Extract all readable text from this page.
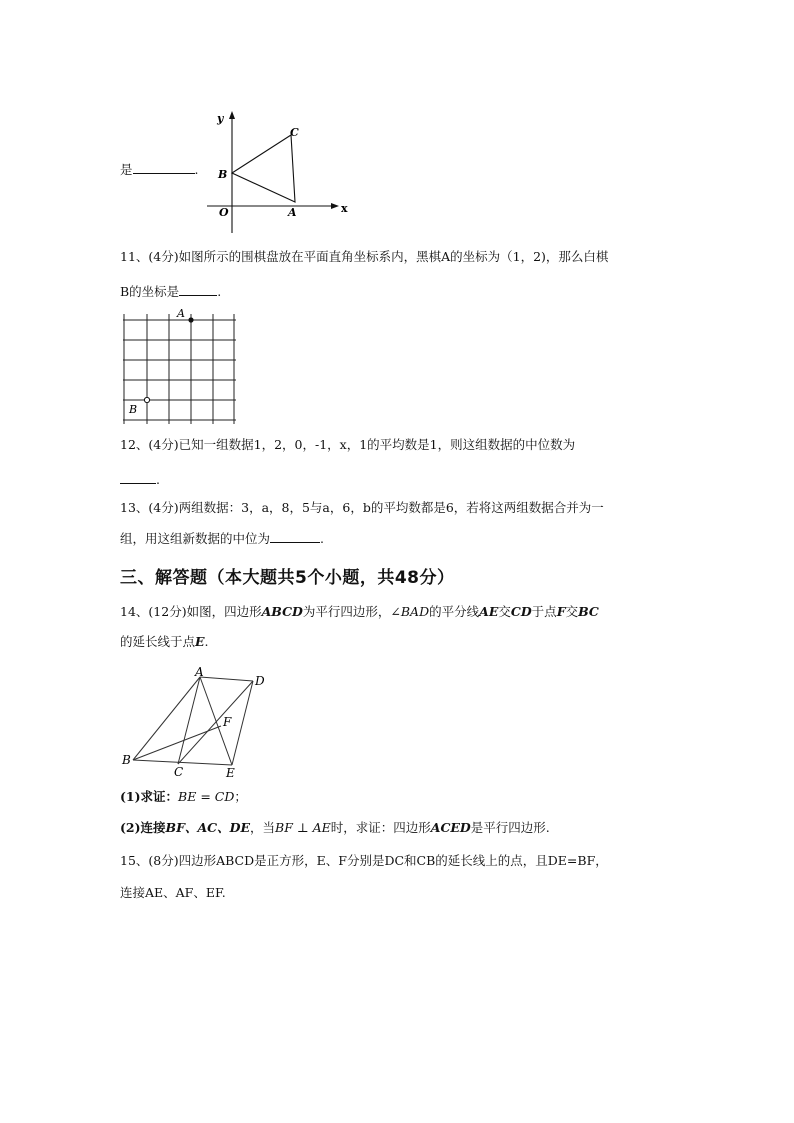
是	.
y
x
O	A
B
C
11、(4分)如图所示的围棋盘放在平面直角坐标系内，黑棋A的坐标为（1，2)，那么白棋
B的坐标是	.
A
B
12、(4分)已知一组数据1，2，0，-1，x，1的平均数是1，则这组数据的中位数为
.
13、(4分)两组数据：3，a，8，5与a，6，b的平均数都是6，若将这两组数据合并为一
组，用这组新数据的中位为	.
三、解答题（本大题共5个小题，共48分）
14、(12分)如图，四边形ABCD为平行四边形，∠BAD的平分线AE交CD于点F交BC
的延长线于点E.
A
B
C
D
E
F
(1)求证：BE = CD；
(2)连接BF、AC、DE，当BF ⊥ AE时，求证：四边形ACED是平行四边形.
15、(8分)四边形ABCD是正方形，E、F分别是DC和CB的延长线上的点，且DE=BF，
连接AE、AF、EF.
